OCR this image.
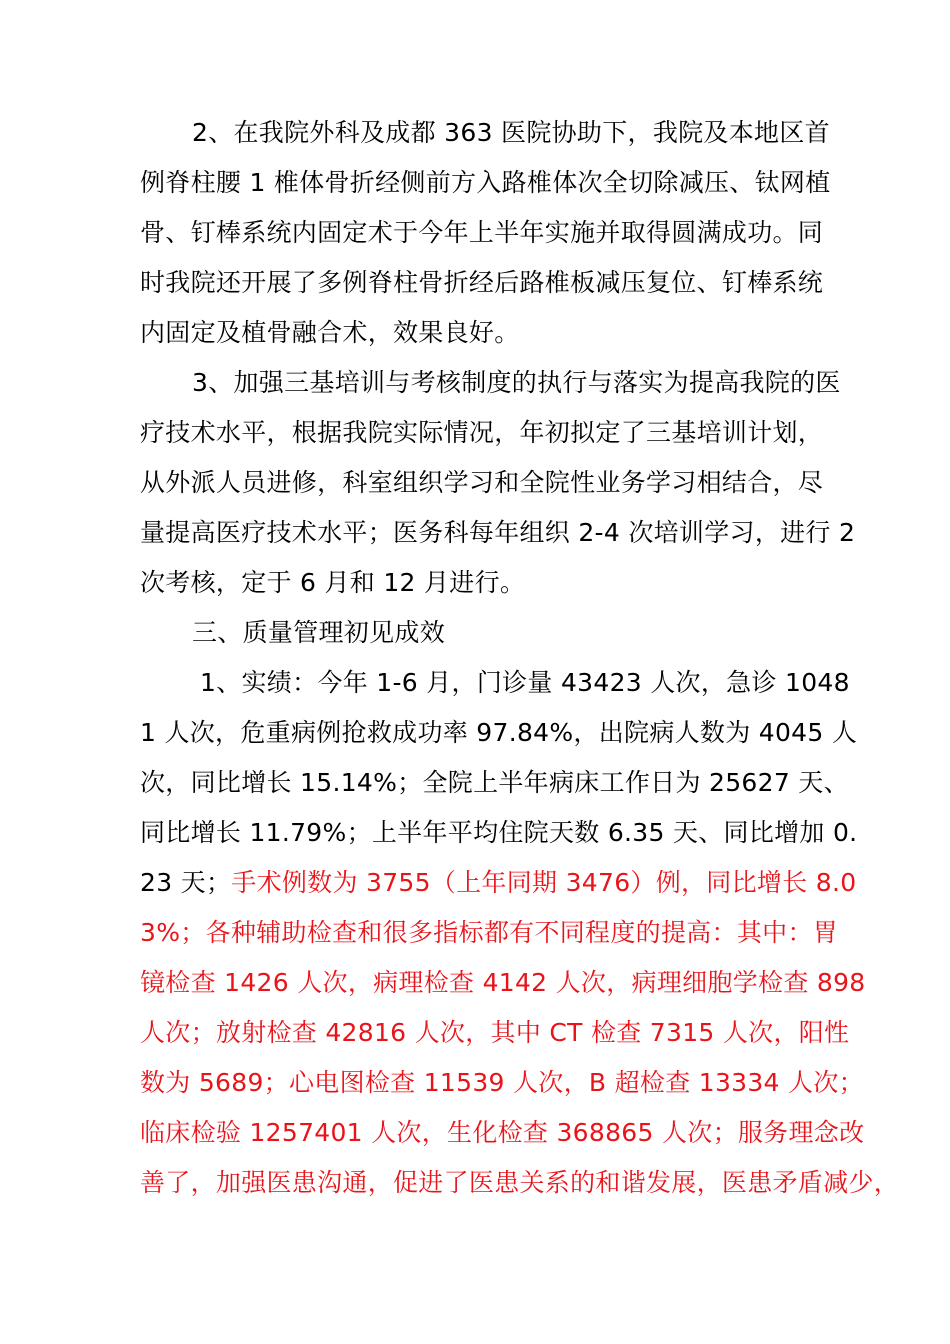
2、在我院外科及成都 363 医院协助下，我院及本地区首
例脊柱腰 1 椎体骨折经侧前方入路椎体次全切除减压、钛网植
骨、钉棒系统内固定术于今年上半年实施并取得圆满成功。同
时我院还开展了多例脊柱骨折经后路椎板减压复位、钉棒系统
内固定及植骨融合术，效果良好。
3、加强三基培训与考核制度的执行与落实为提高我院的医
疗技术水平，根据我院实际情况，年初拟定了三基培训计划，
从外派人员进修，科室组织学习和全院性业务学习相结合，尽
量提高医疗技术水平；医务科每年组织 2-4 次培训学习，进行 2
次考核，定于 6 月和 12 月进行。
三、质量管理初见成效
1、实绩：今年 1-6 月，门诊量 43423 人次，急诊 1048
1 人次，危重病例抢救成功率 97.84%，出院病人数为 4045 人
次，同比增长 15.14%；全院上半年病床工作日为 25627 天、
同比增长 11.79%；上半年平均住院天数 6.35 天、同比增加 0.
23 天；手术例数为 3755（上年同期 3476）例，同比增长 8.0
3%；各种辅助检查和很多指标都有不同程度的提高：其中：胃
镜检查 1426 人次，病理检查 4142 人次，病理细胞学检查 898
人次；放射检查 42816 人次，其中 CT 检查 7315 人次，阳性
数为 5689；心电图检查 11539 人次，B 超检查 13334 人次；
临床检验 1257401 人次，生化检查 368865 人次；服务理念改
善了，加强医患沟通，促进了医患关系的和谐发展，医患矛盾减少，
